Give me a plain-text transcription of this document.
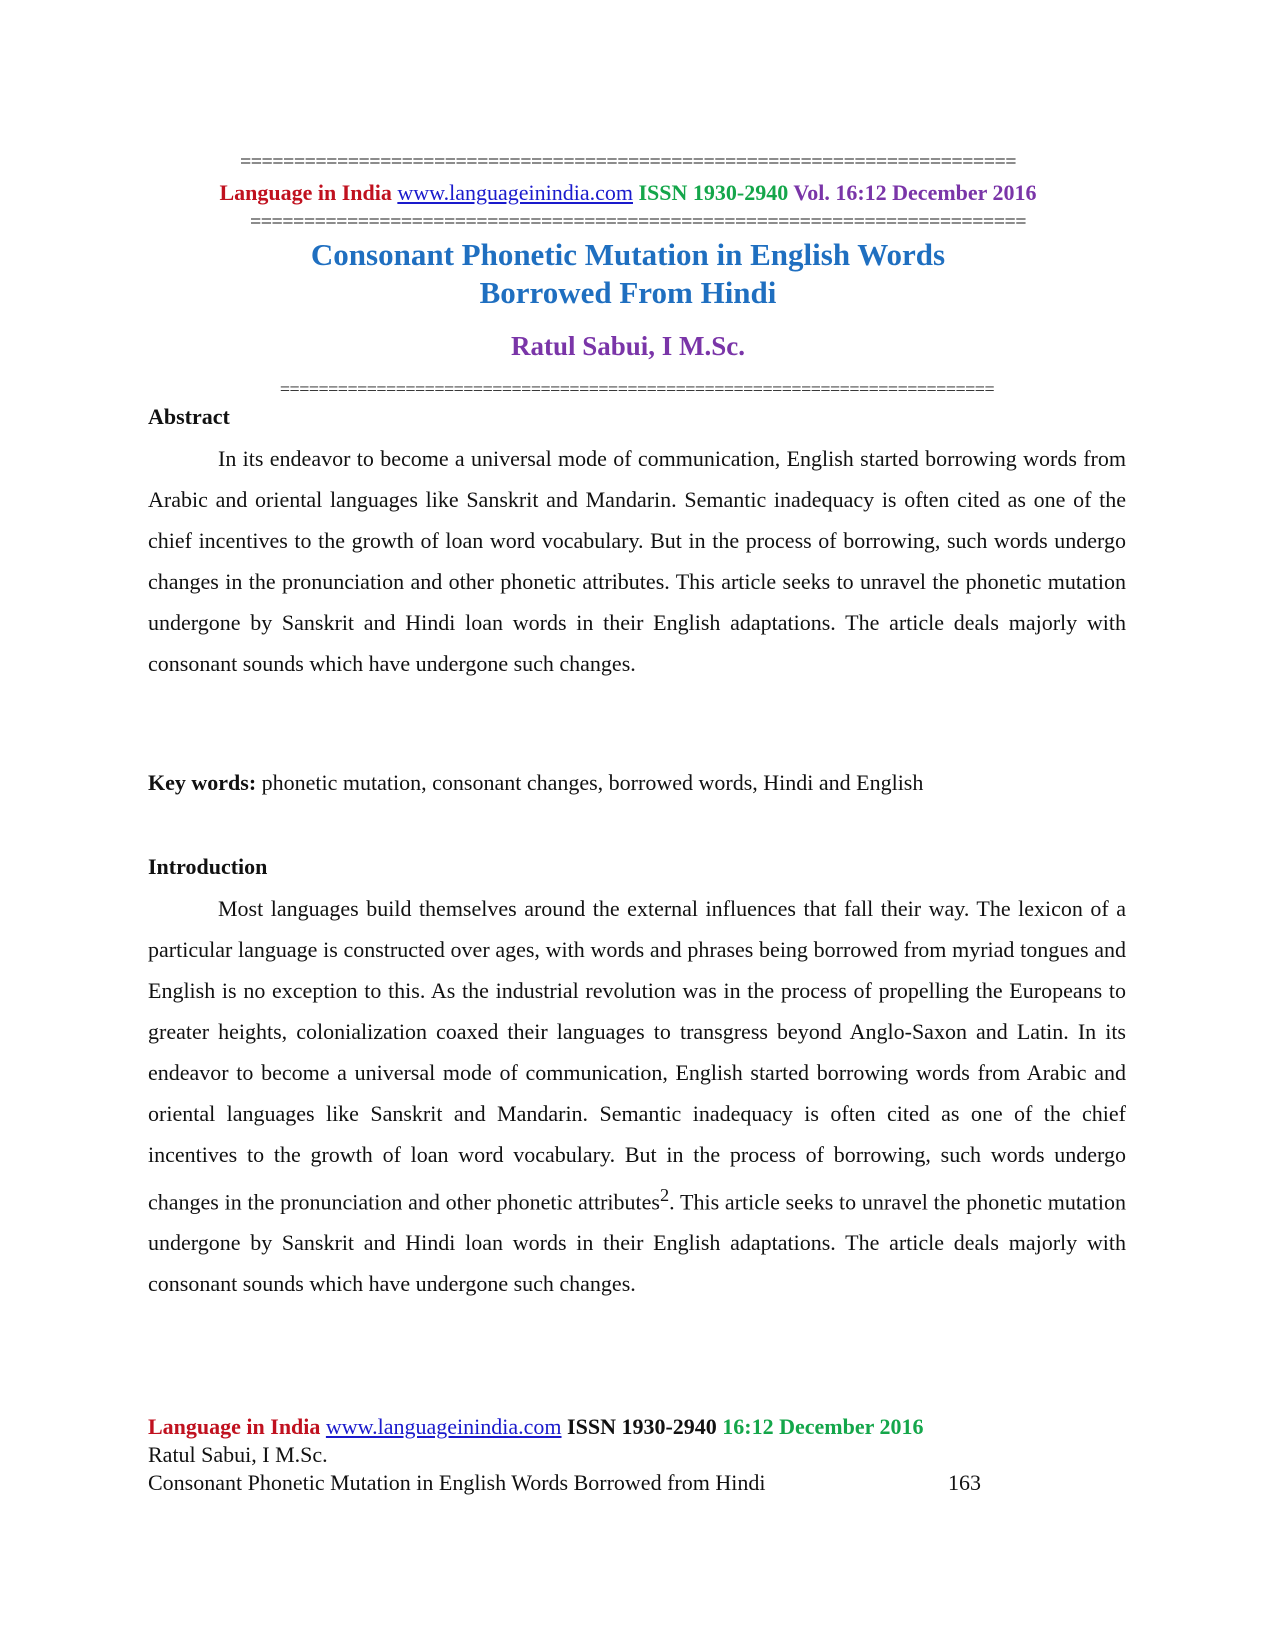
========================================================================
Language in India www.languageinindia.com ISSN 1930-2940 Vol. 16:12 December 2016
========================================================================
Consonant Phonetic Mutation in English Words
Borrowed From Hindi
Ratul Sabui, I M.Sc.
==========================================================================
Abstract

In its endeavor to become a universal mode of communication, English started borrowing words from Arabic and oriental languages like Sanskrit and Mandarin. Semantic inadequacy is often cited as one of the chief incentives to the growth of loan word vocabulary. But in the process of borrowing, such words undergo changes in the pronunciation and other phonetic attributes. This article seeks to unravel the phonetic mutation undergone by Sanskrit and Hindi loan words in their English adaptations. The article deals majorly with consonant sounds which have undergone such changes.

Key words: phonetic mutation, consonant changes, borrowed words, Hindi and English
Introduction

Most languages build themselves around the external influences that fall their way. The lexicon of a particular language is constructed over ages, with words and phrases being borrowed from myriad tongues and English is no exception to this. As the industrial revolution was in the process of propelling the Europeans to greater heights, colonialization coaxed their languages to transgress beyond Anglo-Saxon and Latin. In its endeavor to become a universal mode of communication, English started borrowing words from Arabic and oriental languages like Sanskrit and Mandarin. Semantic inadequacy is often cited as one of the chief incentives to the growth of loan word vocabulary. But in the process of borrowing, such words undergo changes in the pronunciation and other phonetic attributes$^2$. This article seeks to unravel the phonetic mutation undergone by Sanskrit and Hindi loan words in their English adaptations. The article deals majorly with consonant sounds which have undergone such changes.

Language in India www.languageinindia.com ISSN 1930-2940 16:12 December 2016
Ratul Sabui, I M.Sc.
Consonant Phonetic Mutation in English Words Borrowed from Hindi	163
